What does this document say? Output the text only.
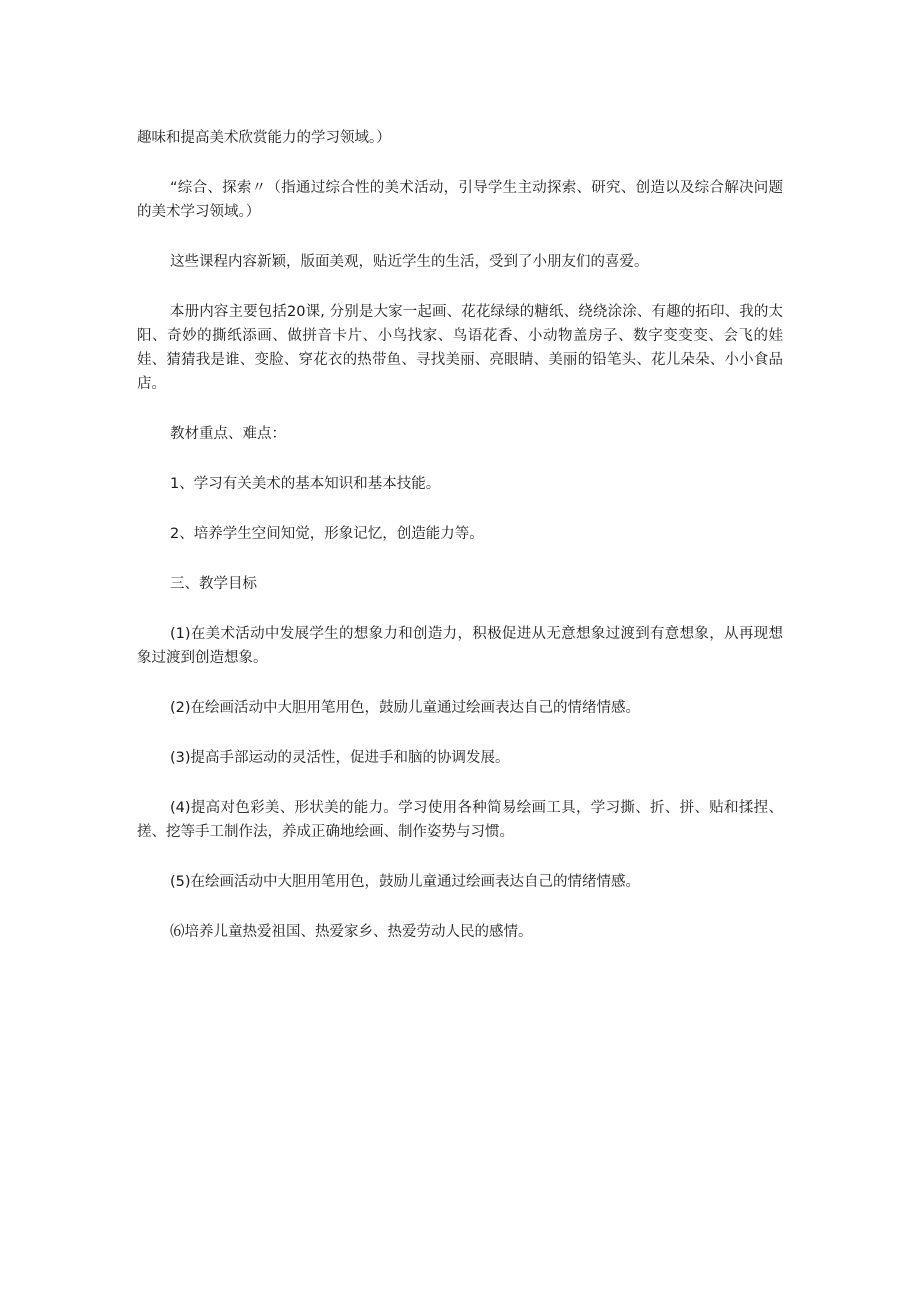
趣味和提高美术欣赏能力的学习领域。）

“综合、探索〃（指通过综合性的美术活动，引导学生主动探索、研究、创造以及综合解决问题的美术学习领域。）

这些课程内容新颖，版面美观，贴近学生的生活，受到了小朋友们的喜爱。

本册内容主要包括20课, 分别是大家一起画、花花绿绿的糖纸、绕绕涂涂、有趣的拓印、我的太阳、奇妙的撕纸添画、做拼音卡片、小鸟找家、鸟语花香、小动物盖房子、数字变变变、会飞的娃娃、猜猜我是谁、变脸、穿花衣的热带鱼、寻找美丽、亮眼睛、美丽的铅笔头、花儿朵朵、小小食品店。

教材重点、难点：

1、学习有关美术的基本知识和基本技能。

2、培养学生空间知觉，形象记忆，创造能力等。

三、教学目标

(1)在美术活动中发展学生的想象力和创造力，积极促进从无意想象过渡到有意想象，从再现想象过渡到创造想象。

(2)在绘画活动中大胆用笔用色，鼓励儿童通过绘画表达自己的情绪情感。

(3)提高手部运动的灵活性，促进手和脑的协调发展。

(4)提高对色彩美、形状美的能力。学习使用各种简易绘画工具，学习撕、折、拼、贴和揉捏、搓、挖等手工制作法，养成正确地绘画、制作姿势与习惯。

(5)在绘画活动中大胆用笔用色，鼓励儿童通过绘画表达自己的情绪情感。

⑹培养儿童热爱祖国、热爱家乡、热爱劳动人民的感情。
